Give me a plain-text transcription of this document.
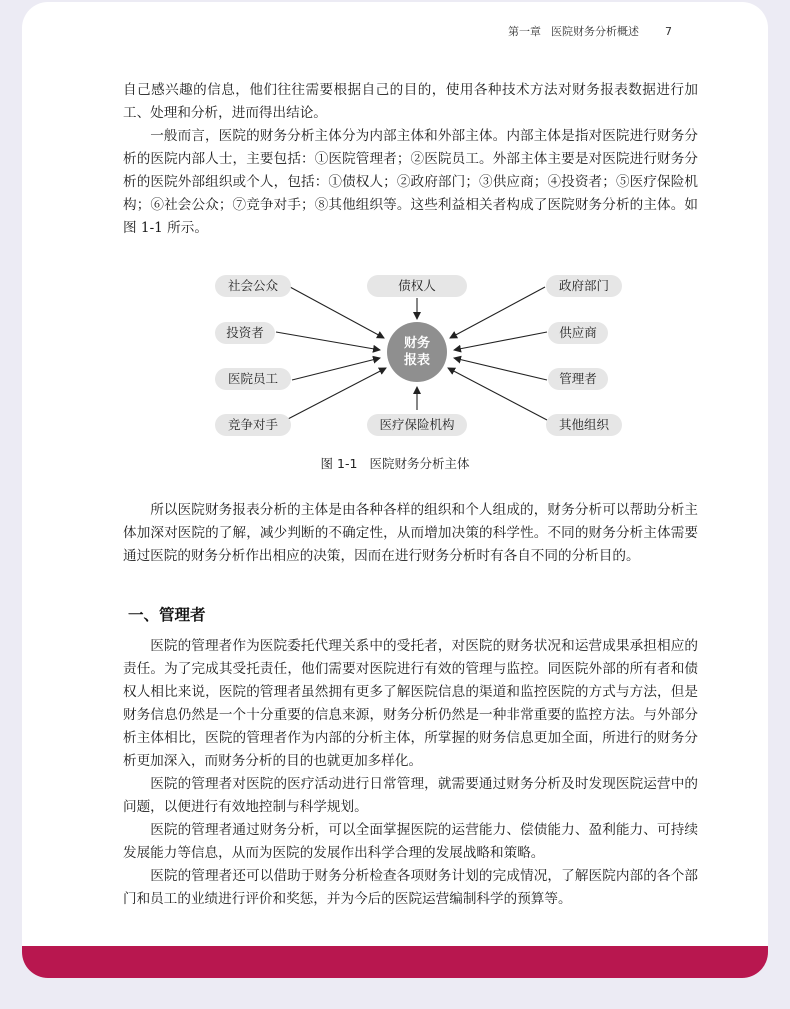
第一章 医院财务分析概述 7

自己感兴趣的信息，他们往往需要根据自己的目的，使用各种技术方法对财务报表数据进行加工、处理和分析，进而得出结论。

一般而言，医院的财务分析主体分为内部主体和外部主体。内部主体是指对医院进行财务分析的医院内部人士，主要包括：①医院管理者；②医院员工。外部主体主要是对医院进行财务分析的医院外部组织或个人，包括：①债权人；②政府部门；③供应商；④投资者；⑤医疗保险机构；⑥社会公众；⑦竞争对手；⑧其他组织等。这些利益相关者构成了医院财务分析的主体。如图 1-1 所示。

社会公众	债权人	政府部门
投资者	供应商
医院员工	管理者
竞争对手	医疗保险机构	其他组织
财务
报表
图 1-1 医院财务分析主体

所以医院财务报表分析的主体是由各种各样的组织和个人组成的，财务分析可以帮助分析主体加深对医院的了解，减少判断的不确定性，从而增加决策的科学性。不同的财务分析主体需要通过医院的财务分析作出相应的决策，因而在进行财务分析时有各自不同的分析目的。

一、管理者

医院的管理者作为医院委托代理关系中的受托者，对医院的财务状况和运营成果承担相应的责任。为了完成其受托责任，他们需要对医院进行有效的管理与监控。同医院外部的所有者和债权人相比来说，医院的管理者虽然拥有更多了解医院信息的渠道和监控医院的方式与方法，但是财务信息仍然是一个十分重要的信息来源，财务分析仍然是一种非常重要的监控方法。与外部分析主体相比，医院的管理者作为内部的分析主体，所掌握的财务信息更加全面，所进行的财务分析更加深入，而财务分析的目的也就更加多样化。

医院的管理者对医院的医疗活动进行日常管理，就需要通过财务分析及时发现医院运营中的问题，以便进行有效地控制与科学规划。

医院的管理者通过财务分析，可以全面掌握医院的运营能力、偿债能力、盈利能力、可持续发展能力等信息，从而为医院的发展作出科学合理的发展战略和策略。

医院的管理者还可以借助于财务分析检查各项财务计划的完成情况，了解医院内部的各个部门和员工的业绩进行评价和奖惩，并为今后的医院运营编制科学的预算等。
